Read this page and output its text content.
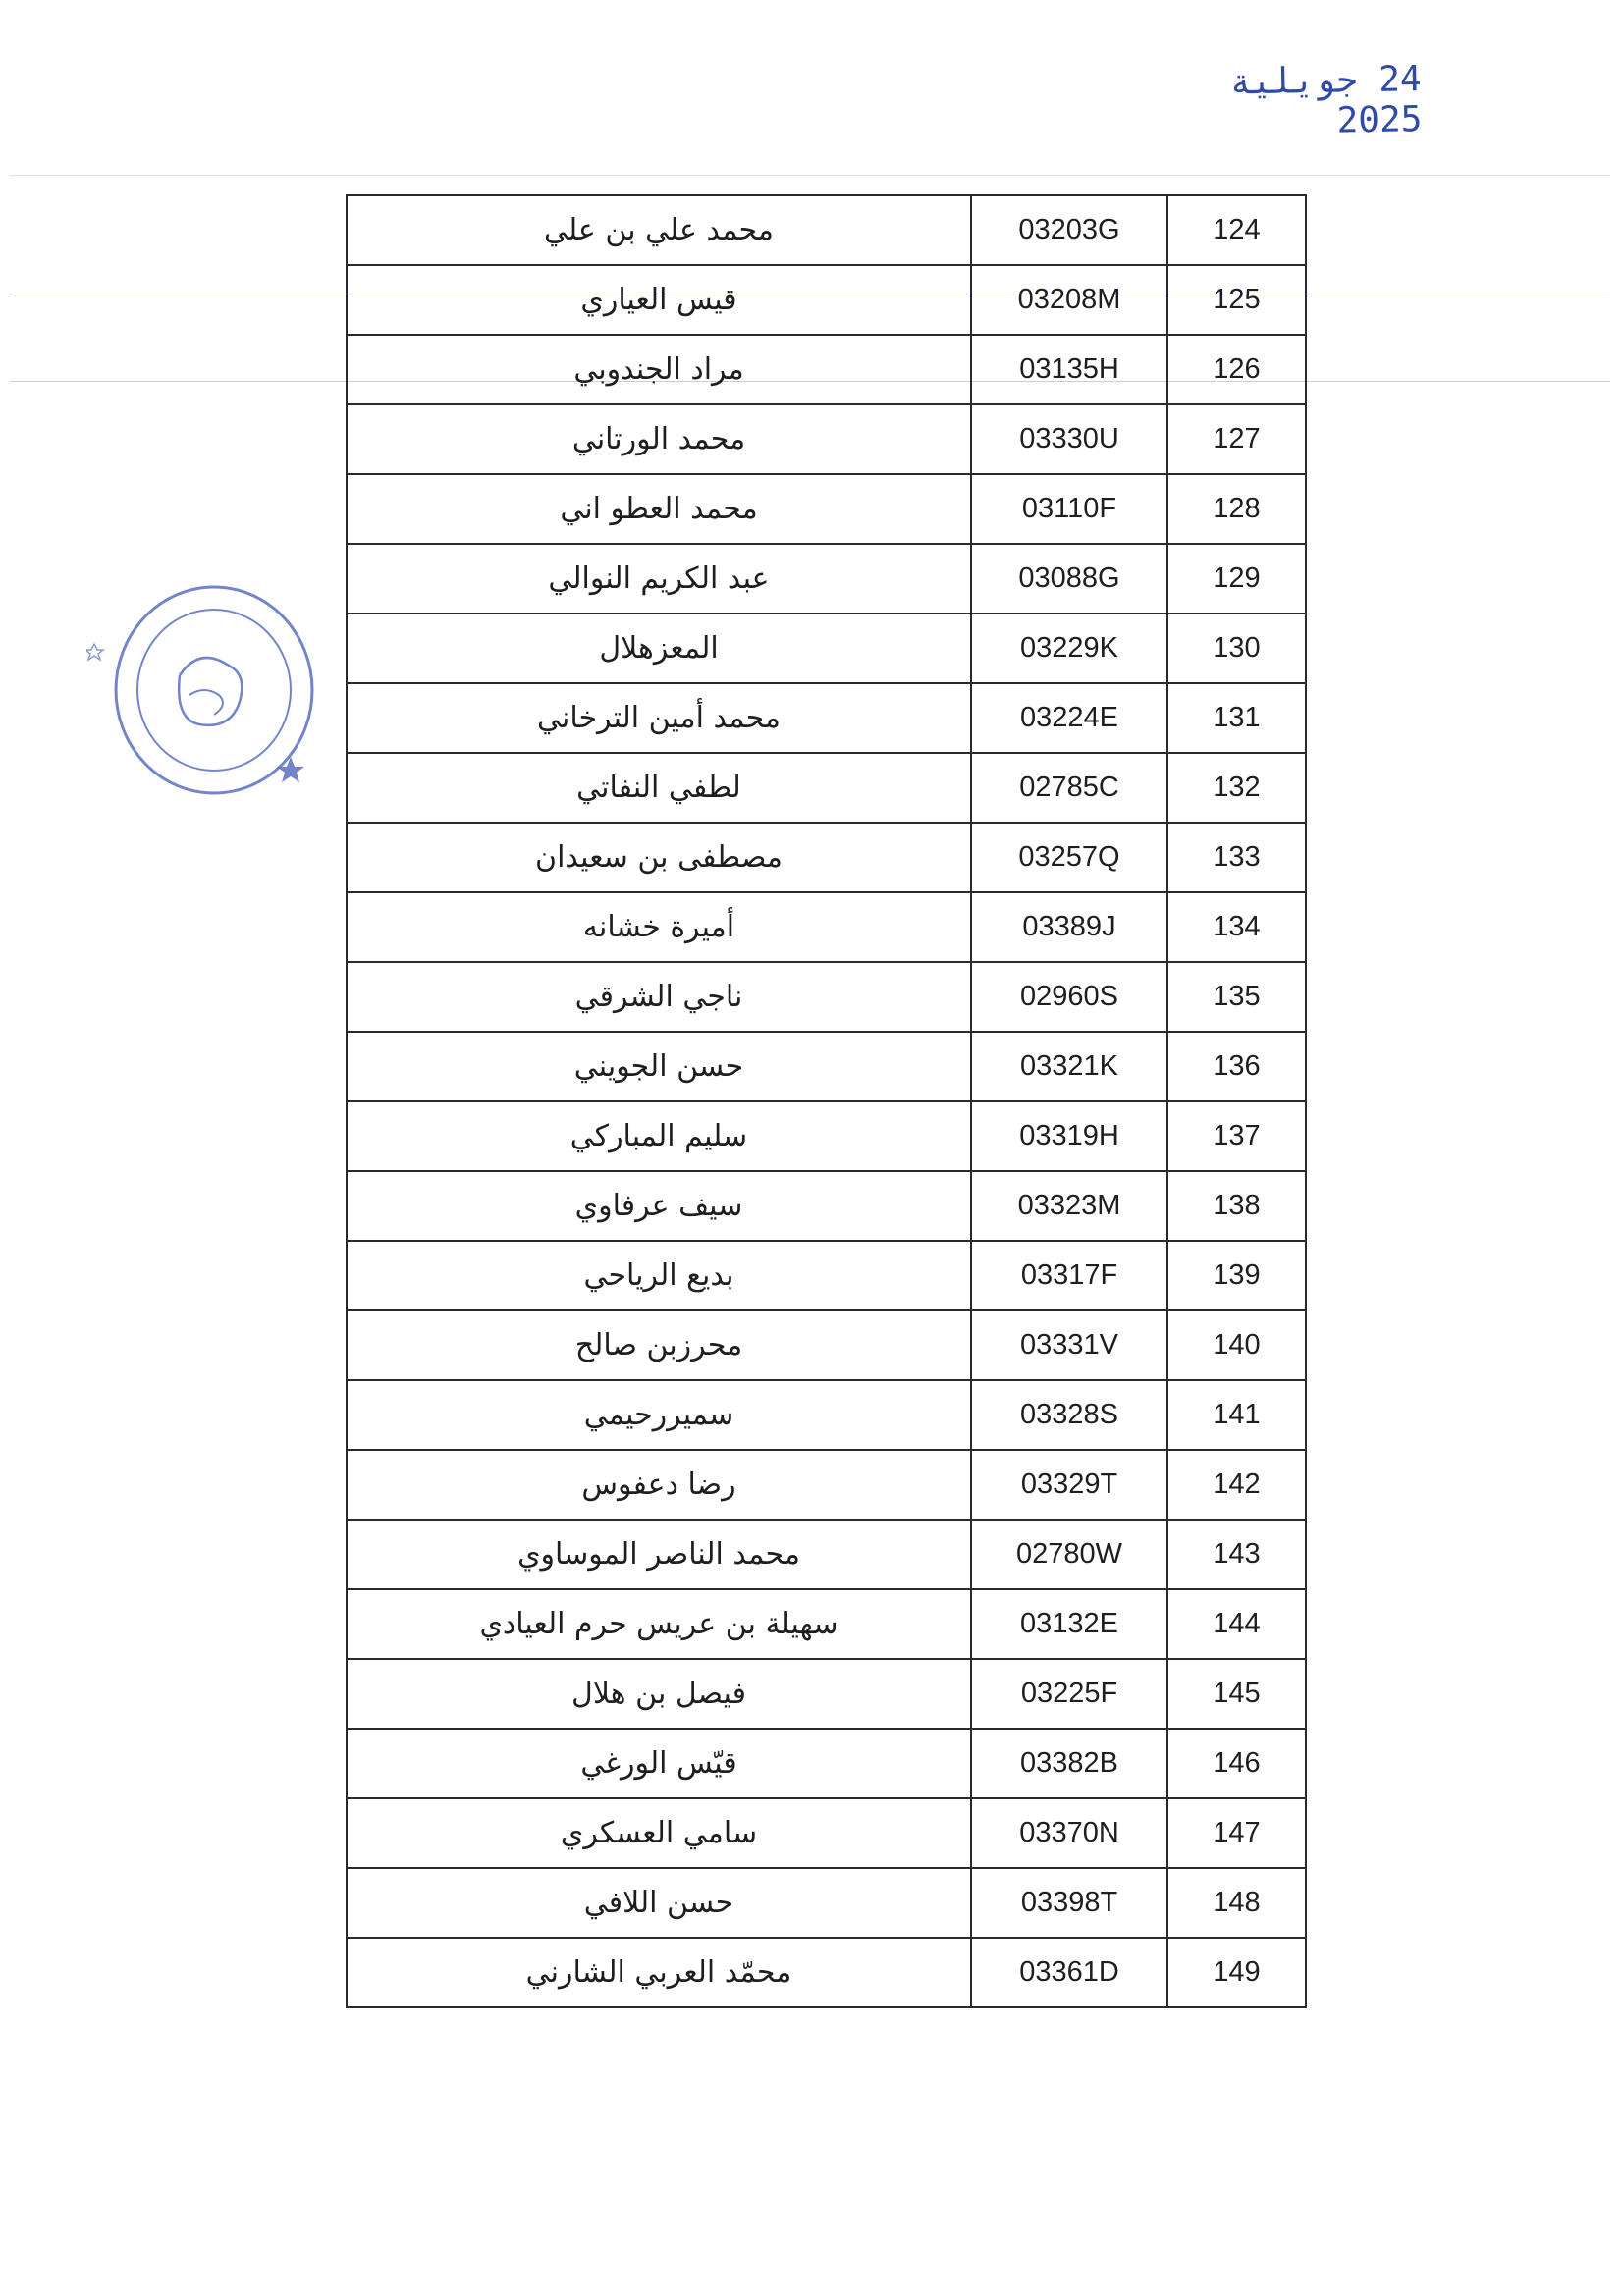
24 جويلية 2025
محمد علي بن علي	03203G	124
قيس العياري	03208M	125
مراد الجندوبي	03135H	126
محمد الورتاني	03330U	127
محمد العطو اني	03110F	128
عبد الكريم النوالي	03088G	129
المعزهلال	03229K	130
محمد أمين الترخاني	03224E	131
لطفي النفاتي	02785C	132
مصطفى بن سعيدان	03257Q	133
أميرة خشانه	03389J	134
ناجي الشرقي	02960S	135
حسن الجويني	03321K	136
سليم المباركي	03319H	137
سيف عرفاوي	03323M	138
بديع الرياحي	03317F	139
محرزبن صالح	03331V	140
سميررحيمي	03328S	141
رضا دعفوس	03329T	142
محمد الناصر الموساوي	02780W	143
سهيلة بن عريس حرم العيادي	03132E	144
فيصل بن هلال	03225F	145
قيّس الورغي	03382B	146
سامي العسكري	03370N	147
حسن اللافي	03398T	148
محمّد العربي الشارني	03361D	149
